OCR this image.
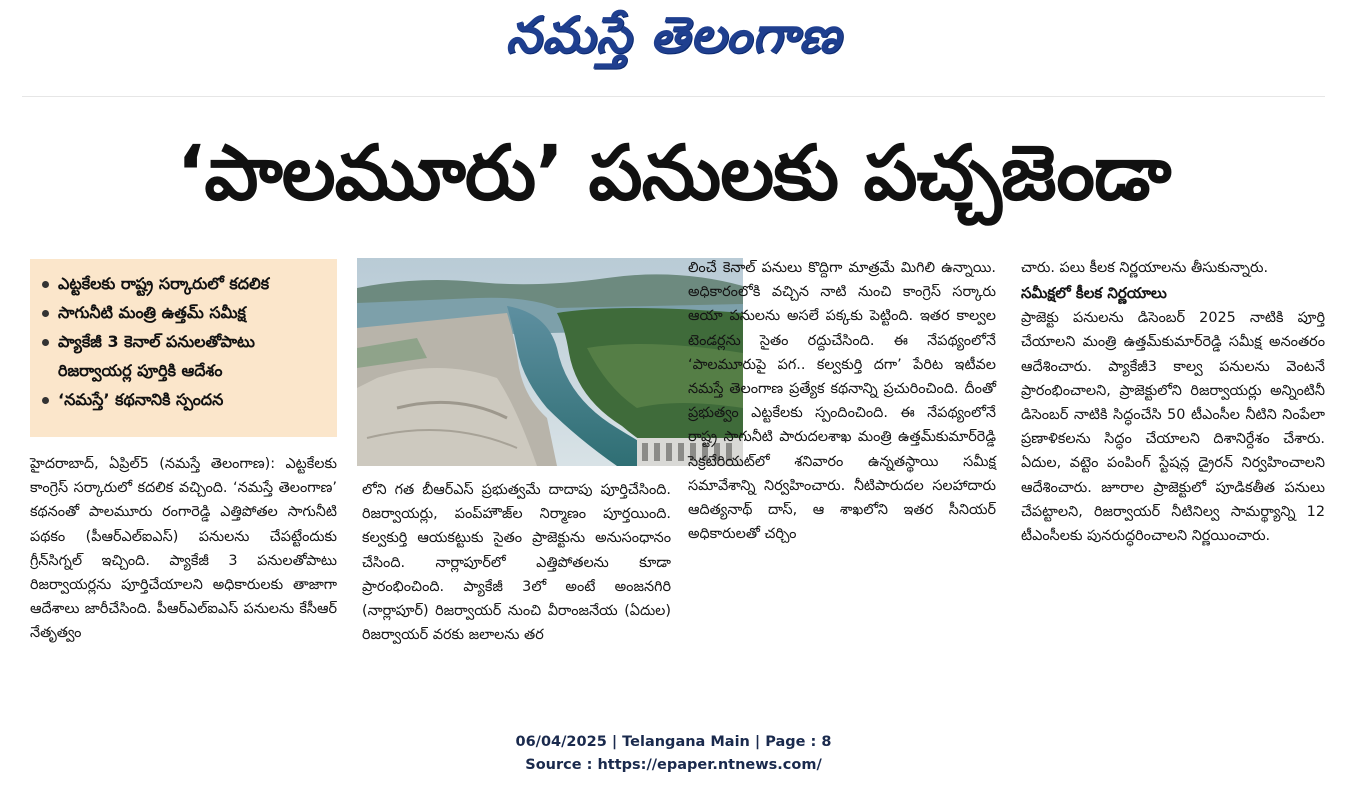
నమస్తే తెలంగాణ
‘పాలమూరు’ పనులకు పచ్చజెండా
ఎట్టకేలకు రాష్ట్ర సర్కారులో కదలిక
సాగునీటి మంత్రి ఉత్తమ్ సమీక్ష
ప్యాకేజీ 3 కెనాల్ పనులతోపాటు రిజర్వాయర్ల పూర్తికి ఆదేశం
‘నమస్తే’ కథనానికి స్పందన

హైదరాబాద్, ఏప్రిల్5 (నమస్తే తెలంగాణ): ఎట్టకేలకు కాంగ్రెస్ సర్కారులో కదలిక వచ్చింది. ‘నమస్తే తెలంగాణ’ కథనంతో పాలమూరు రంగారెడ్డి ఎత్తిపోతల సాగునీటి పథకం (పీఆర్ఎల్ఐఎస్) పనులను చేపట్టేందుకు గ్రీన్‌సిగ్నల్ ఇచ్చింది. ప్యాకేజీ 3 పనులతోపాటు రిజర్వాయర్లను పూర్తిచేయాలని అధికారులకు తాజాగా ఆదేశాలు జారీచేసింది. పీఆర్ఎల్ఐఎస్ పనులను కేసీఆర్ నేతృత్వం

లోని గత బీఆర్ఎస్ ప్రభుత్వమే దాదాపు పూర్తిచేసింది. రిజర్వాయర్లు, పంప్‌హౌజ్‌ల నిర్మాణం పూర్తయింది. కల్వకుర్తి ఆయకట్టుకు సైతం ప్రాజెక్టును అనుసంధానం చేసింది. నార్లాపూర్‌లో ఎత్తిపోతలను కూడా ప్రారంభించింది. ప్యాకేజీ 3లో అంటే అంజనగిరి (నార్లాపూర్) రిజర్వాయర్ నుంచి వీరాంజనేయ (ఏదుల) రిజర్వాయర్ వరకు జలాలను తర

లించే కెనాల్ పనులు కొద్దిగా మాత్రమే మిగిలి ఉన్నాయి. అధికారంలోకి వచ్చిన నాటి నుంచి కాంగ్రెస్ సర్కారు ఆయా పనులను అసలే పక్కకు పెట్టింది. ఇతర కాల్వల టెండర్లను సైతం రద్దుచేసింది. ఈ నేపథ్యంలోనే ‘పాలమూరుపై పగ.. కల్వకుర్తి దగా’ పేరిట ఇటీవల నమస్తే తెలంగాణ ప్రత్యేక కథనాన్ని ప్రచురించింది. దీంతో ప్రభుత్వం ఎట్టకేలకు స్పందించింది. ఈ నేపథ్యంలోనే రాష్ట్ర సాగునీటి పారుదలశాఖ మంత్రి ఉత్తమ్‌కుమార్‌రెడ్డి సెక్రటేరియట్‌లో శనివారం ఉన్నతస్థాయి సమీక్ష సమావేశాన్ని నిర్వహించారు. నీటిపారుదల సలహాదారు ఆదిత్యనాథ్ దాస్, ఆ శాఖలోని ఇతర సీనియర్ అధికారులతో చర్చిం

చారు. పలు కీలక నిర్ణయాలను తీసుకున్నారు.

సమీక్షలో కీలక నిర్ణయాలు

ప్రాజెక్టు పనులను డిసెంబర్ 2025 నాటికి పూర్తి చేయాలని మంత్రి ఉత్తమ్‌కుమార్‌రెడ్డి సమీక్ష అనంతరం ఆదేశించారు. ప్యాకేజీ3 కాల్వ పనులను వెంటనే ప్రారంభించాలని, ప్రాజెక్టులోని రిజర్వాయర్లు అన్నింటినీ డిసెంబర్ నాటికి సిద్ధంచేసి 50 టీఎంసీల నీటిని నింపేలా ప్రణాళికలను సిద్ధం చేయాలని దిశానిర్దేశం చేశారు. ఏదుల, వట్టెం పంపింగ్ స్టేషన్ల డ్రైరన్ నిర్వహించాలని ఆదేశించారు. జూరాల ప్రాజెక్టులో పూడికతీత పనులు చేపట్టాలని, రిజర్వాయర్ నీటినిల్వ సామర్థ్యాన్ని 12 టీఎంసీలకు పునరుద్ధరించాలని నిర్ణయించారు.

06/04/2025 | Telangana Main | Page : 8
Source : https://epaper.ntnews.com/
